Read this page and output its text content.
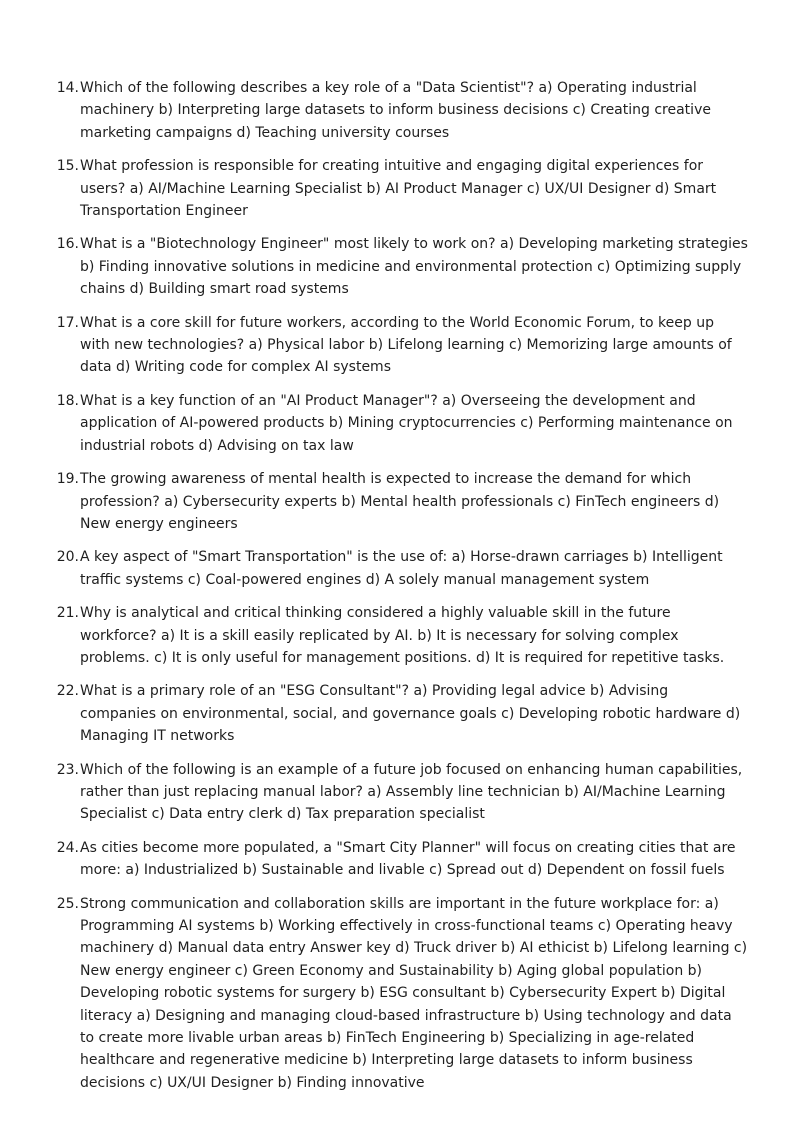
14. Which of the following describes a key role of a "Data Scientist"? a) Operating industrial machinery b) Interpreting large datasets to inform business decisions c) Creating creative marketing campaigns d) Teaching university courses
15. What profession is responsible for creating intuitive and engaging digital experiences for users? a) AI/Machine Learning Specialist b) AI Product Manager c) UX/UI Designer d) Smart Transportation Engineer
16. What is a "Biotechnology Engineer" most likely to work on? a) Developing marketing strategies b) Finding innovative solutions in medicine and environmental protection c) Optimizing supply chains d) Building smart road systems
17. What is a core skill for future workers, according to the World Economic Forum, to keep up with new technologies? a) Physical labor b) Lifelong learning c) Memorizing large amounts of data d) Writing code for complex AI systems
18. What is a key function of an "AI Product Manager"? a) Overseeing the development and application of AI-powered products b) Mining cryptocurrencies c) Performing maintenance on industrial robots d) Advising on tax law
19. The growing awareness of mental health is expected to increase the demand for which profession? a) Cybersecurity experts b) Mental health professionals c) FinTech engineers d) New energy engineers
20. A key aspect of "Smart Transportation" is the use of: a) Horse-drawn carriages b) Intelligent traffic systems c) Coal-powered engines d) A solely manual management system
21. Why is analytical and critical thinking considered a highly valuable skill in the future workforce? a) It is a skill easily replicated by AI. b) It is necessary for solving complex problems. c) It is only useful for management positions. d) It is required for repetitive tasks.
22. What is a primary role of an "ESG Consultant"? a) Providing legal advice b) Advising companies on environmental, social, and governance goals c) Developing robotic hardware d) Managing IT networks
23. Which of the following is an example of a future job focused on enhancing human capabilities, rather than just replacing manual labor? a) Assembly line technician b) AI/Machine Learning Specialist c) Data entry clerk d) Tax preparation specialist
24. As cities become more populated, a "Smart City Planner" will focus on creating cities that are more: a) Industrialized b) Sustainable and livable c) Spread out d) Dependent on fossil fuels
25. Strong communication and collaboration skills are important in the future workplace for: a) Programming AI systems b) Working effectively in cross-functional teams c) Operating heavy machinery d) Manual data entry Answer key d) Truck driver b) AI ethicist b) Lifelong learning c) New energy engineer c) Green Economy and Sustainability b) Aging global population b) Developing robotic systems for surgery b) ESG consultant b) Cybersecurity Expert b) Digital literacy a) Designing and managing cloud-based infrastructure b) Using technology and data to create more livable urban areas b) FinTech Engineering b) Specializing in age-related healthcare and regenerative medicine b) Interpreting large datasets to inform business decisions c) UX/UI Designer b) Finding innovative
